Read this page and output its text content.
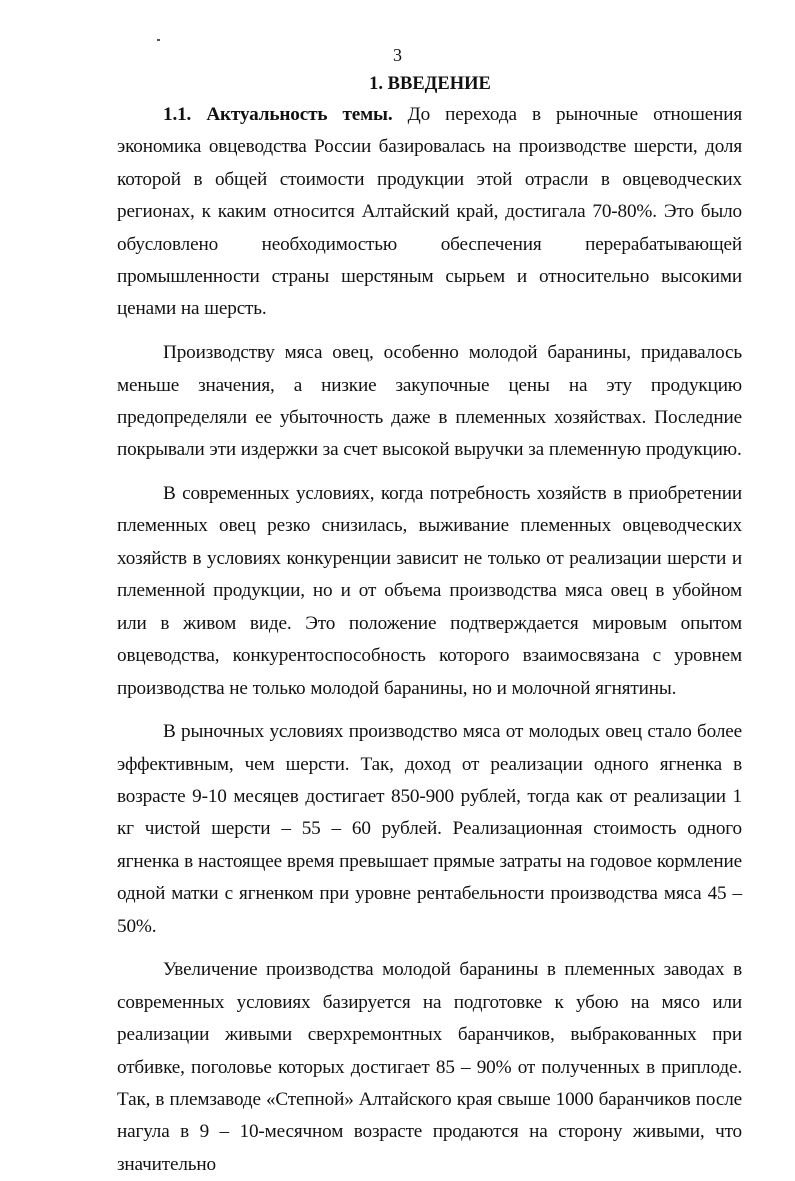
3
1. ВВЕДЕНИЕ

1.1. Актуальность темы. До перехода в рыночные отношения экономика овцеводства России базировалась на производстве шерсти, доля которой в общей стоимости продукции этой отрасли в овцеводческих регионах, к каким относится Алтайский край, достигала 70-80%. Это было обусловлено необходимостью обеспечения перерабатывающей промышленности страны шерстяным сырьем и относительно высокими ценами на шерсть.

Производству мяса овец, особенно молодой баранины, придавалось меньше значения, а низкие закупочные цены на эту продукцию предопределяли ее убыточность даже в племенных хозяйствах. Последние покрывали эти издержки за счет высокой выручки за племенную продукцию.

В современных условиях, когда потребность хозяйств в приобретении племенных овец резко снизилась, выживание племенных овцеводческих хозяйств в условиях конкуренции зависит не только от реализации шерсти и племенной продукции, но и от объема производства мяса овец в убойном или в живом виде. Это положение подтверждается мировым опытом овцеводства, конкурентоспособность которого взаимосвязана с уровнем производства не только молодой баранины, но и молочной ягнятины.

В рыночных условиях производство мяса от молодых овец стало более эффективным, чем шерсти. Так, доход от реализации одного ягненка в возрасте 9-10 месяцев достигает 850-900 рублей, тогда как от реализации 1 кг чистой шерсти – 55 – 60 рублей. Реализационная стоимость одного ягненка в настоящее время превышает прямые затраты на годовое кормление одной матки с ягненком при уровне рентабельности производства мяса 45 – 50%.

Увеличение производства молодой баранины в племенных заводах в современных условиях базируется на подготовке к убою на мясо или реализации живыми сверхремонтных баранчиков, выбракованных при отбивке, поголовье которых достигает 85 – 90% от полученных в приплоде. Так, в племзаводе «Степной» Алтайского края свыше 1000 баранчиков после нагула в 9 – 10-месячном возрасте продаются на сторону живыми, что значительно
